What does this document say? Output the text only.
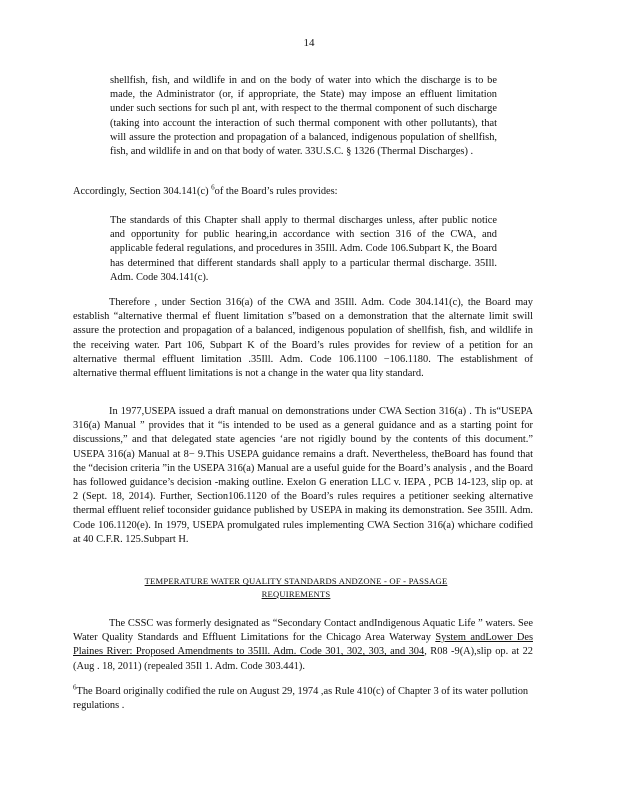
14
shellfish, fish, and wildlife in and on the body of water into which the discharge is to be made, the Administrator (or, if appropriate, the State) may impose an effluent limitation under such sections for such pl ant, with respect to the thermal component of such discharge (taking into account the interaction of such thermal component with other pollutants), that will assure the protection and propagation of a balanced, indigenous population of shellfish, fish, and wildlife in and on that body of water. 33U.S.C. § 1326 (Thermal Discharges) .
Accordingly, Section 304.141(c) $^6$of the Board’s rules provides:
The standards of this Chapter shall apply to thermal discharges unless, after public notice and opportunity for public hearing,in accordance with section 316 of the CWA, and applicable federal regulations, and procedures in 35Ill. Adm. Code 106.Subpart K, the Board has determined that different standards shall apply to a particular thermal discharge. 35Ill. Adm. Code 304.141(c).
Therefore , under Section 316(a) of the CWA and 35Ill. Adm. Code 304.141(c), the Board may establish “alternative thermal ef fluent limitation s”based on a demonstration that the alternate limit swill assure the protection and propagation of a balanced, indigenous population of shellfish, fish, and wildlife in the receiving water. Part 106, Subpart K of the Board’s rules provides for review of a petition for an alternative thermal effluent limitation .35Ill. Adm. Code 106.1100 −106.1180. The establishment of alternative thermal effluent limitations is not a change in the water qua lity standard.
In 1977,USEPA issued a draft manual on demonstrations under CWA Section 316(a) . Th is“USEPA 316(a) Manual ” provides that it “is intended to be used as a general guidance and as a starting point for discussions,” and that delegated state agencies ‘are not rigidly bound by the contents of this document.” USEPA 316(a) Manual at 8− 9.This USEPA guidance remains a draft. Nevertheless, theBoard has found that the “decision criteria ”in the USEPA 316(a) Manual are a useful guide for the Board’s analysis , and the Board has followed guidance’s decision -making outline. Exelon G eneration LLC v. IEPA , PCB 14-123, slip op. at 2 (Sept. 18, 2014). Further, Section106.1120 of the Board’s rules requires a petitioner seeking alternative thermal effluent relief toconsider guidance published by USEPA in making its demonstration. See 35Ill. Adm. Code 106.1120(e). In 1979, USEPA promulgated rules implementing CWA Section 316(a) whichare codified at 40 C.F.R. 125.Subpart H.
TEMPERATURE WATER QUALITY STANDARDS ANDZONE - OF - PASSAGE
REQUIREMENTS
The CSSC was formerly designated as “Secondary Contact andIndigenous Aquatic Life ” waters. See Water Quality Standards and Effluent Limitations for the Chicago Area Waterway System andLower Des Plaines River: Proposed Amendments to 35Ill. Adm. Code 301, 302, 303, and 304, R08 -9(A),slip op. at 22 (Aug . 18, 2011) (repealed 35Il 1. Adm. Code 303.441).
$^6$The Board originally codified the rule on August 29, 1974 ,as Rule 410(c) of Chapter 3 of its water pollution regulations .
